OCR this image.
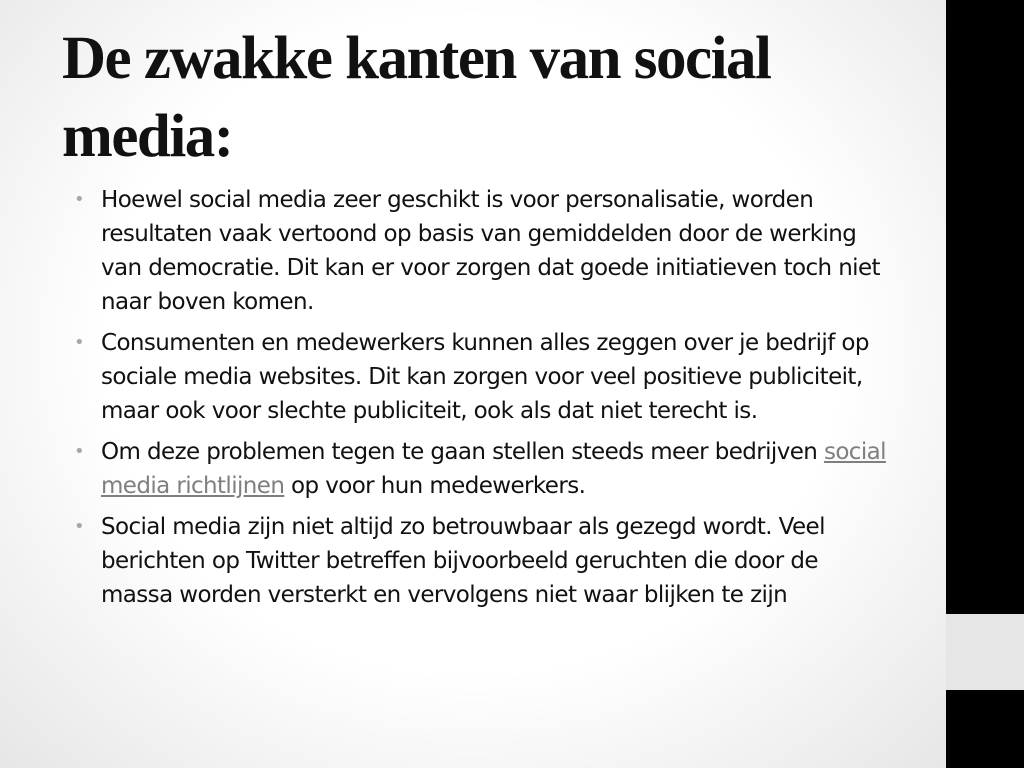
De zwakke kanten van social media:
• Hoewel social media zeer geschikt is voor personalisatie, worden resultaten vaak vertoond op basis van gemiddelden door de werking van democratie. Dit kan er voor zorgen dat goede initiatieven toch niet naar boven komen.
• Consumenten en medewerkers kunnen alles zeggen over je bedrijf op sociale media websites. Dit kan zorgen voor veel positieve publiciteit, maar ook voor slechte publiciteit, ook als dat niet terecht is.
• Om deze problemen tegen te gaan stellen steeds meer bedrijven social media richtlijnen op voor hun medewerkers.
• Social media zijn niet altijd zo betrouwbaar als gezegd wordt. Veel berichten op Twitter betreffen bijvoorbeeld geruchten die door de massa worden versterkt en vervolgens niet waar blijken te zijn
